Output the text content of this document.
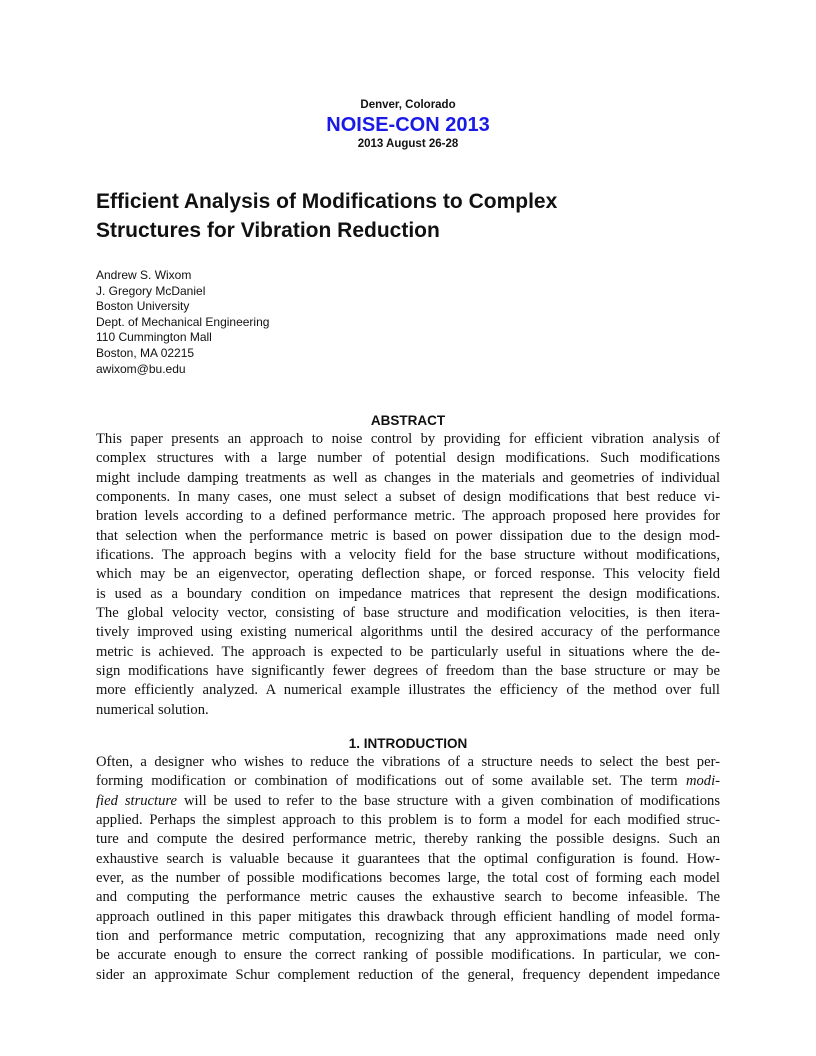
Denver, Colorado
NOISE-CON 2013
2013 August 26-28
Efficient Analysis of Modifications to Complex
Structures for Vibration Reduction
Andrew S. Wixom
J. Gregory McDaniel
Boston University
Dept. of Mechanical Engineering
110 Cummington Mall
Boston, MA 02215
awixom@bu.edu
ABSTRACT
This paper presents an approach to noise control by providing for efficient vibration analysis of
complex structures with a large number of potential design modifications. Such modifications
might include damping treatments as well as changes in the materials and geometries of individual
components. In many cases, one must select a subset of design modifications that best reduce vi-
bration levels according to a defined performance metric. The approach proposed here provides for
that selection when the performance metric is based on power dissipation due to the design mod-
ifications. The approach begins with a velocity field for the base structure without modifications,
which may be an eigenvector, operating deflection shape, or forced response. This velocity field
is used as a boundary condition on impedance matrices that represent the design modifications.
The global velocity vector, consisting of base structure and modification velocities, is then itera-
tively improved using existing numerical algorithms until the desired accuracy of the performance
metric is achieved. The approach is expected to be particularly useful in situations where the de-
sign modifications have significantly fewer degrees of freedom than the base structure or may be
more efficiently analyzed. A numerical example illustrates the efficiency of the method over full
numerical solution.
1. INTRODUCTION
Often, a designer who wishes to reduce the vibrations of a structure needs to select the best per-
forming modification or combination of modifications out of some available set. The term modi-
fied structure will be used to refer to the base structure with a given combination of modifications
applied. Perhaps the simplest approach to this problem is to form a model for each modified struc-
ture and compute the desired performance metric, thereby ranking the possible designs. Such an
exhaustive search is valuable because it guarantees that the optimal configuration is found. How-
ever, as the number of possible modifications becomes large, the total cost of forming each model
and computing the performance metric causes the exhaustive search to become infeasible. The
approach outlined in this paper mitigates this drawback through efficient handling of model forma-
tion and performance metric computation, recognizing that any approximations made need only
be accurate enough to ensure the correct ranking of possible modifications. In particular, we con-
sider an approximate Schur complement reduction of the general, frequency dependent impedance
